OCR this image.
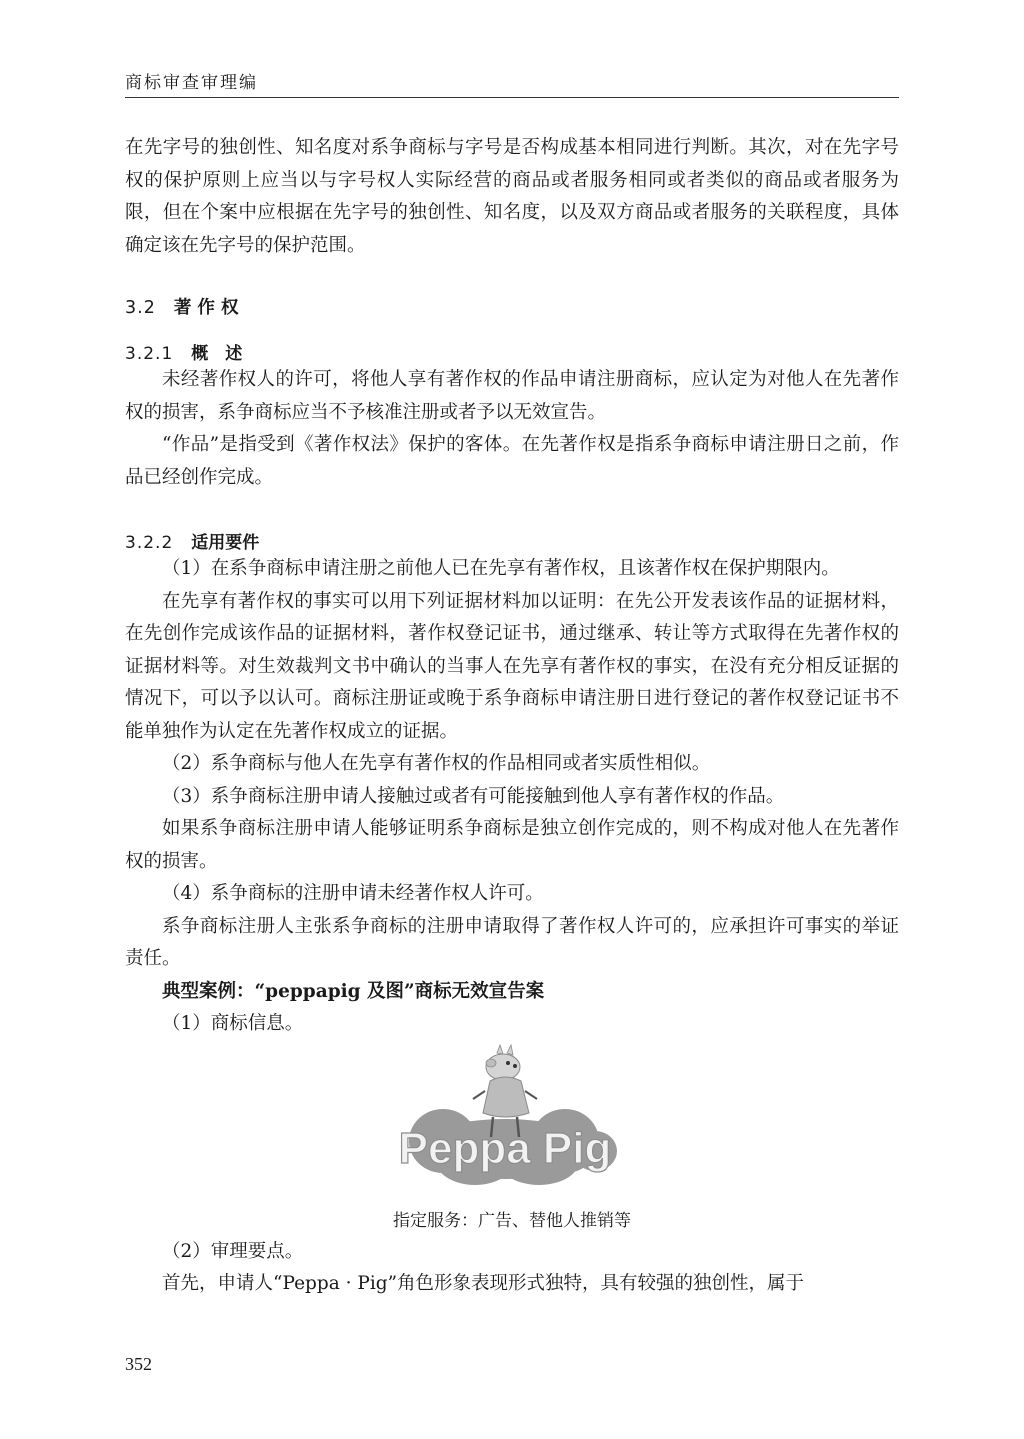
商标审查审理编

在先字号的独创性、知名度对系争商标与字号是否构成基本相同进行判断。其次，对在先字号权的保护原则上应当以与字号权人实际经营的商品或者服务相同或者类似的商品或者服务为限，但在个案中应根据在先字号的独创性、知名度，以及双方商品或者服务的关联程度，具体确定该在先字号的保护范围。

3.2 著 作 权

3.2.1 概　述

未经著作权人的许可，将他人享有著作权的作品申请注册商标，应认定为对他人在先著作权的损害，系争商标应当不予核准注册或者予以无效宣告。

“作品”是指受到《著作权法》保护的客体。在先著作权是指系争商标申请注册日之前，作品已经创作完成。

3.2.2 适用要件

（1）在系争商标申请注册之前他人已在先享有著作权，且该著作权在保护期限内。

在先享有著作权的事实可以用下列证据材料加以证明：在先公开发表该作品的证据材料，在先创作完成该作品的证据材料，著作权登记证书，通过继承、转让等方式取得在先著作权的证据材料等。对生效裁判文书中确认的当事人在先享有著作权的事实，在没有充分相反证据的情况下，可以予以认可。商标注册证或晚于系争商标申请注册日进行登记的著作权登记证书不能单独作为认定在先著作权成立的证据。

（2）系争商标与他人在先享有著作权的作品相同或者实质性相似。

（3）系争商标注册申请人接触过或者有可能接触到他人享有著作权的作品。

如果系争商标注册申请人能够证明系争商标是独立创作完成的，则不构成对他人在先著作权的损害。

（4）系争商标的注册申请未经著作权人许可。

系争商标注册人主张系争商标的注册申请取得了著作权人许可的，应承担许可事实的举证责任。

典型案例：“peppapig 及图”商标无效宣告案

（1）商标信息。

Peppa Pig

指定服务：广告、替他人推销等

（2）审理要点。

首先，申请人“Peppa · Pig”角色形象表现形式独特，具有较强的独创性，属于

352
